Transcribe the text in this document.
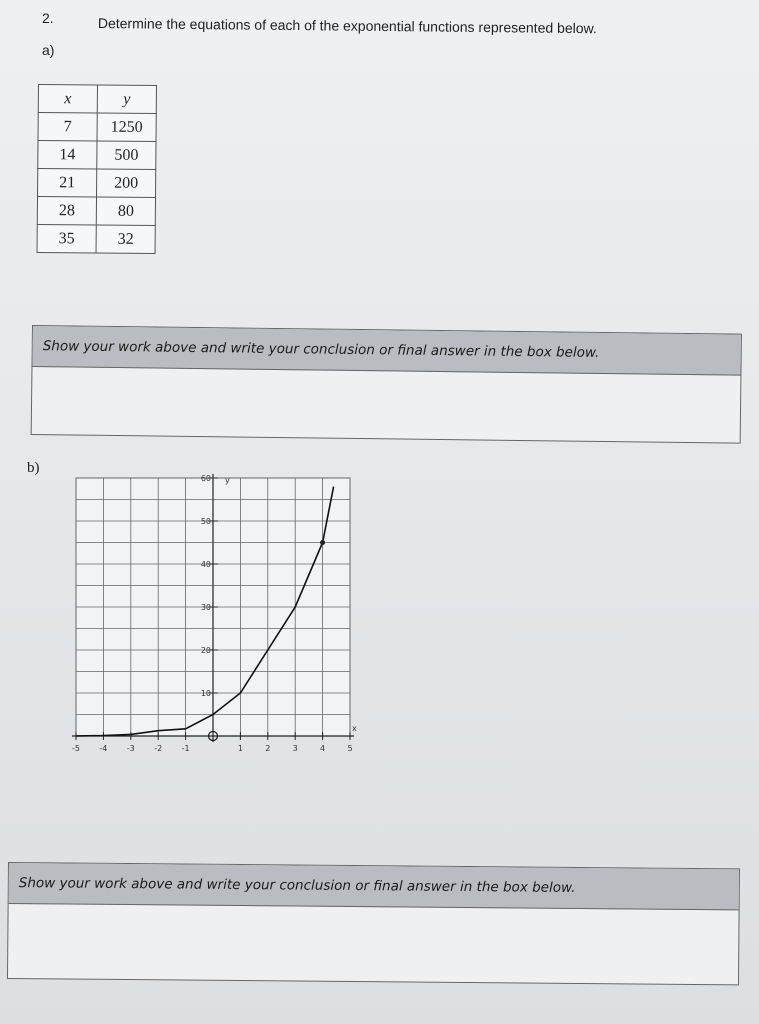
2.	Determine the equations of each of the exponential functions represented below.
a)
x	y
7	1250
14	500
21	200
28	80
35	32
Show your work above and write your conclusion or final answer in the box below.
b)
-5 -4 -3 -2 -1	1	2	3	4	5
10
20
30
40
50
60
x
y
Show your work above and write your conclusion or final answer in the box below.
